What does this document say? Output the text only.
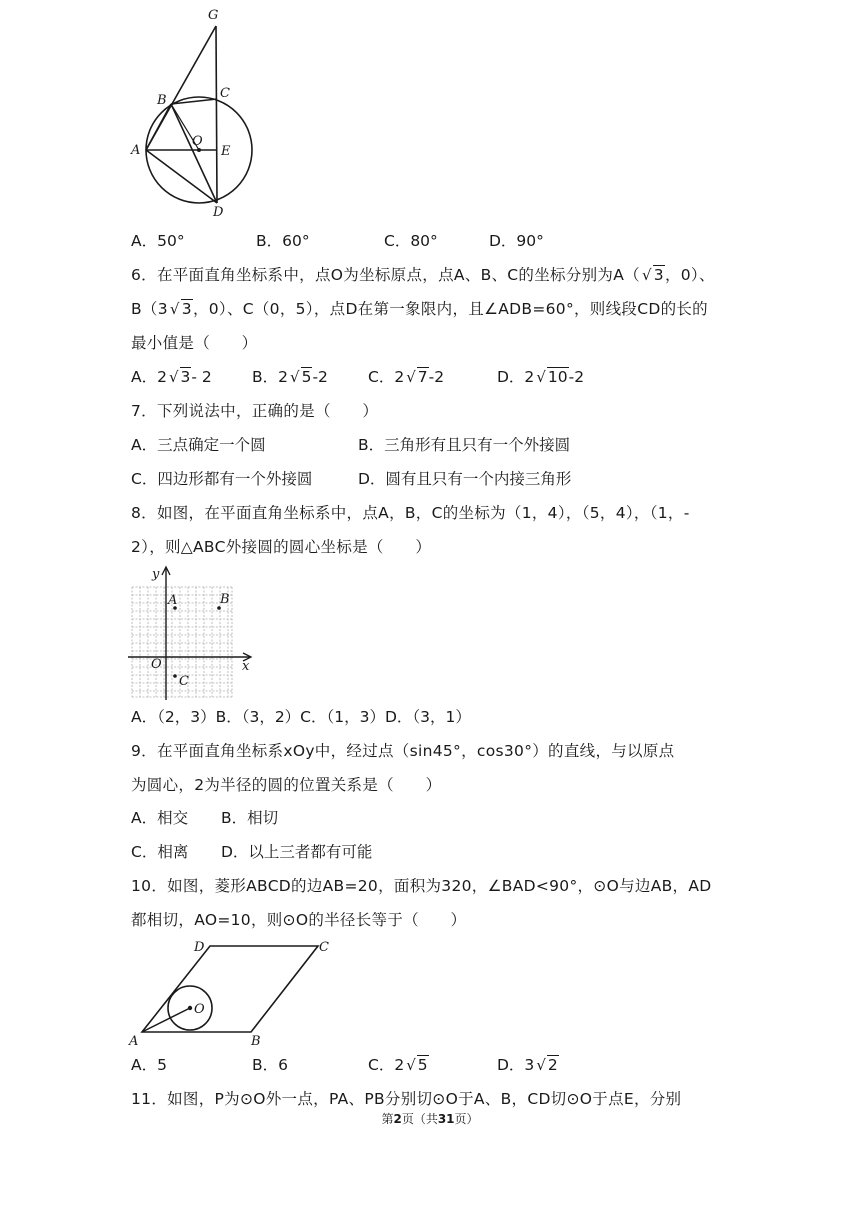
G
B	C
O
A	E
D
A．50°	B．60°	C．80°	D．90°
6．在平面直角坐标系中，点O为坐标原点，点A、B、C的坐标分别为A（ √ 3，0）、
B（3 √ 3，0）、C（0，5），点D在第一象限内，且∠ADB=60°，则线段CD的长的
最小值是（　　）
A．2 √ 3- 2	B．2 √ 5-2	C．2 √ 7-2	D．2 √ 10-2
7．下列说法中，正确的是（　　）
A．三点确定一个圆	B．三角形有且只有一个外接圆
C．四边形都有一个外接圆	D．圆有且只有一个内接三角形
8．如图，在平面直角坐标系中，点A，B，C的坐标为（1，4），（5，4），（1，-
2），则△ABC外接圆的圆心坐标是（　　）
y
A	B
O	x
C
A．（2，3）B．（3，2）C．（1，3）D．（3，1）
9．在平面直角坐标系xOy中，经过点（sin45°，cos30°）的直线，与以原点
为圆心，2为半径的圆的位置关系是（　　）
A．相交 B．相切
C．相离 D．以上三者都有可能
10．如图，菱形ABCD的边AB=20，面积为320，∠BAD<90°，⊙O与边AB，AD
都相切，AO=10，则⊙O的半径长等于（　　）
D	C
O
A	B
A．5	B．6	C．2 √ 5	D．3 √ 2
11．如图，P为⊙O外一点，PA、PB分别切⊙O于A、B，CD切⊙O于点E，分别
第2页（共31页）
